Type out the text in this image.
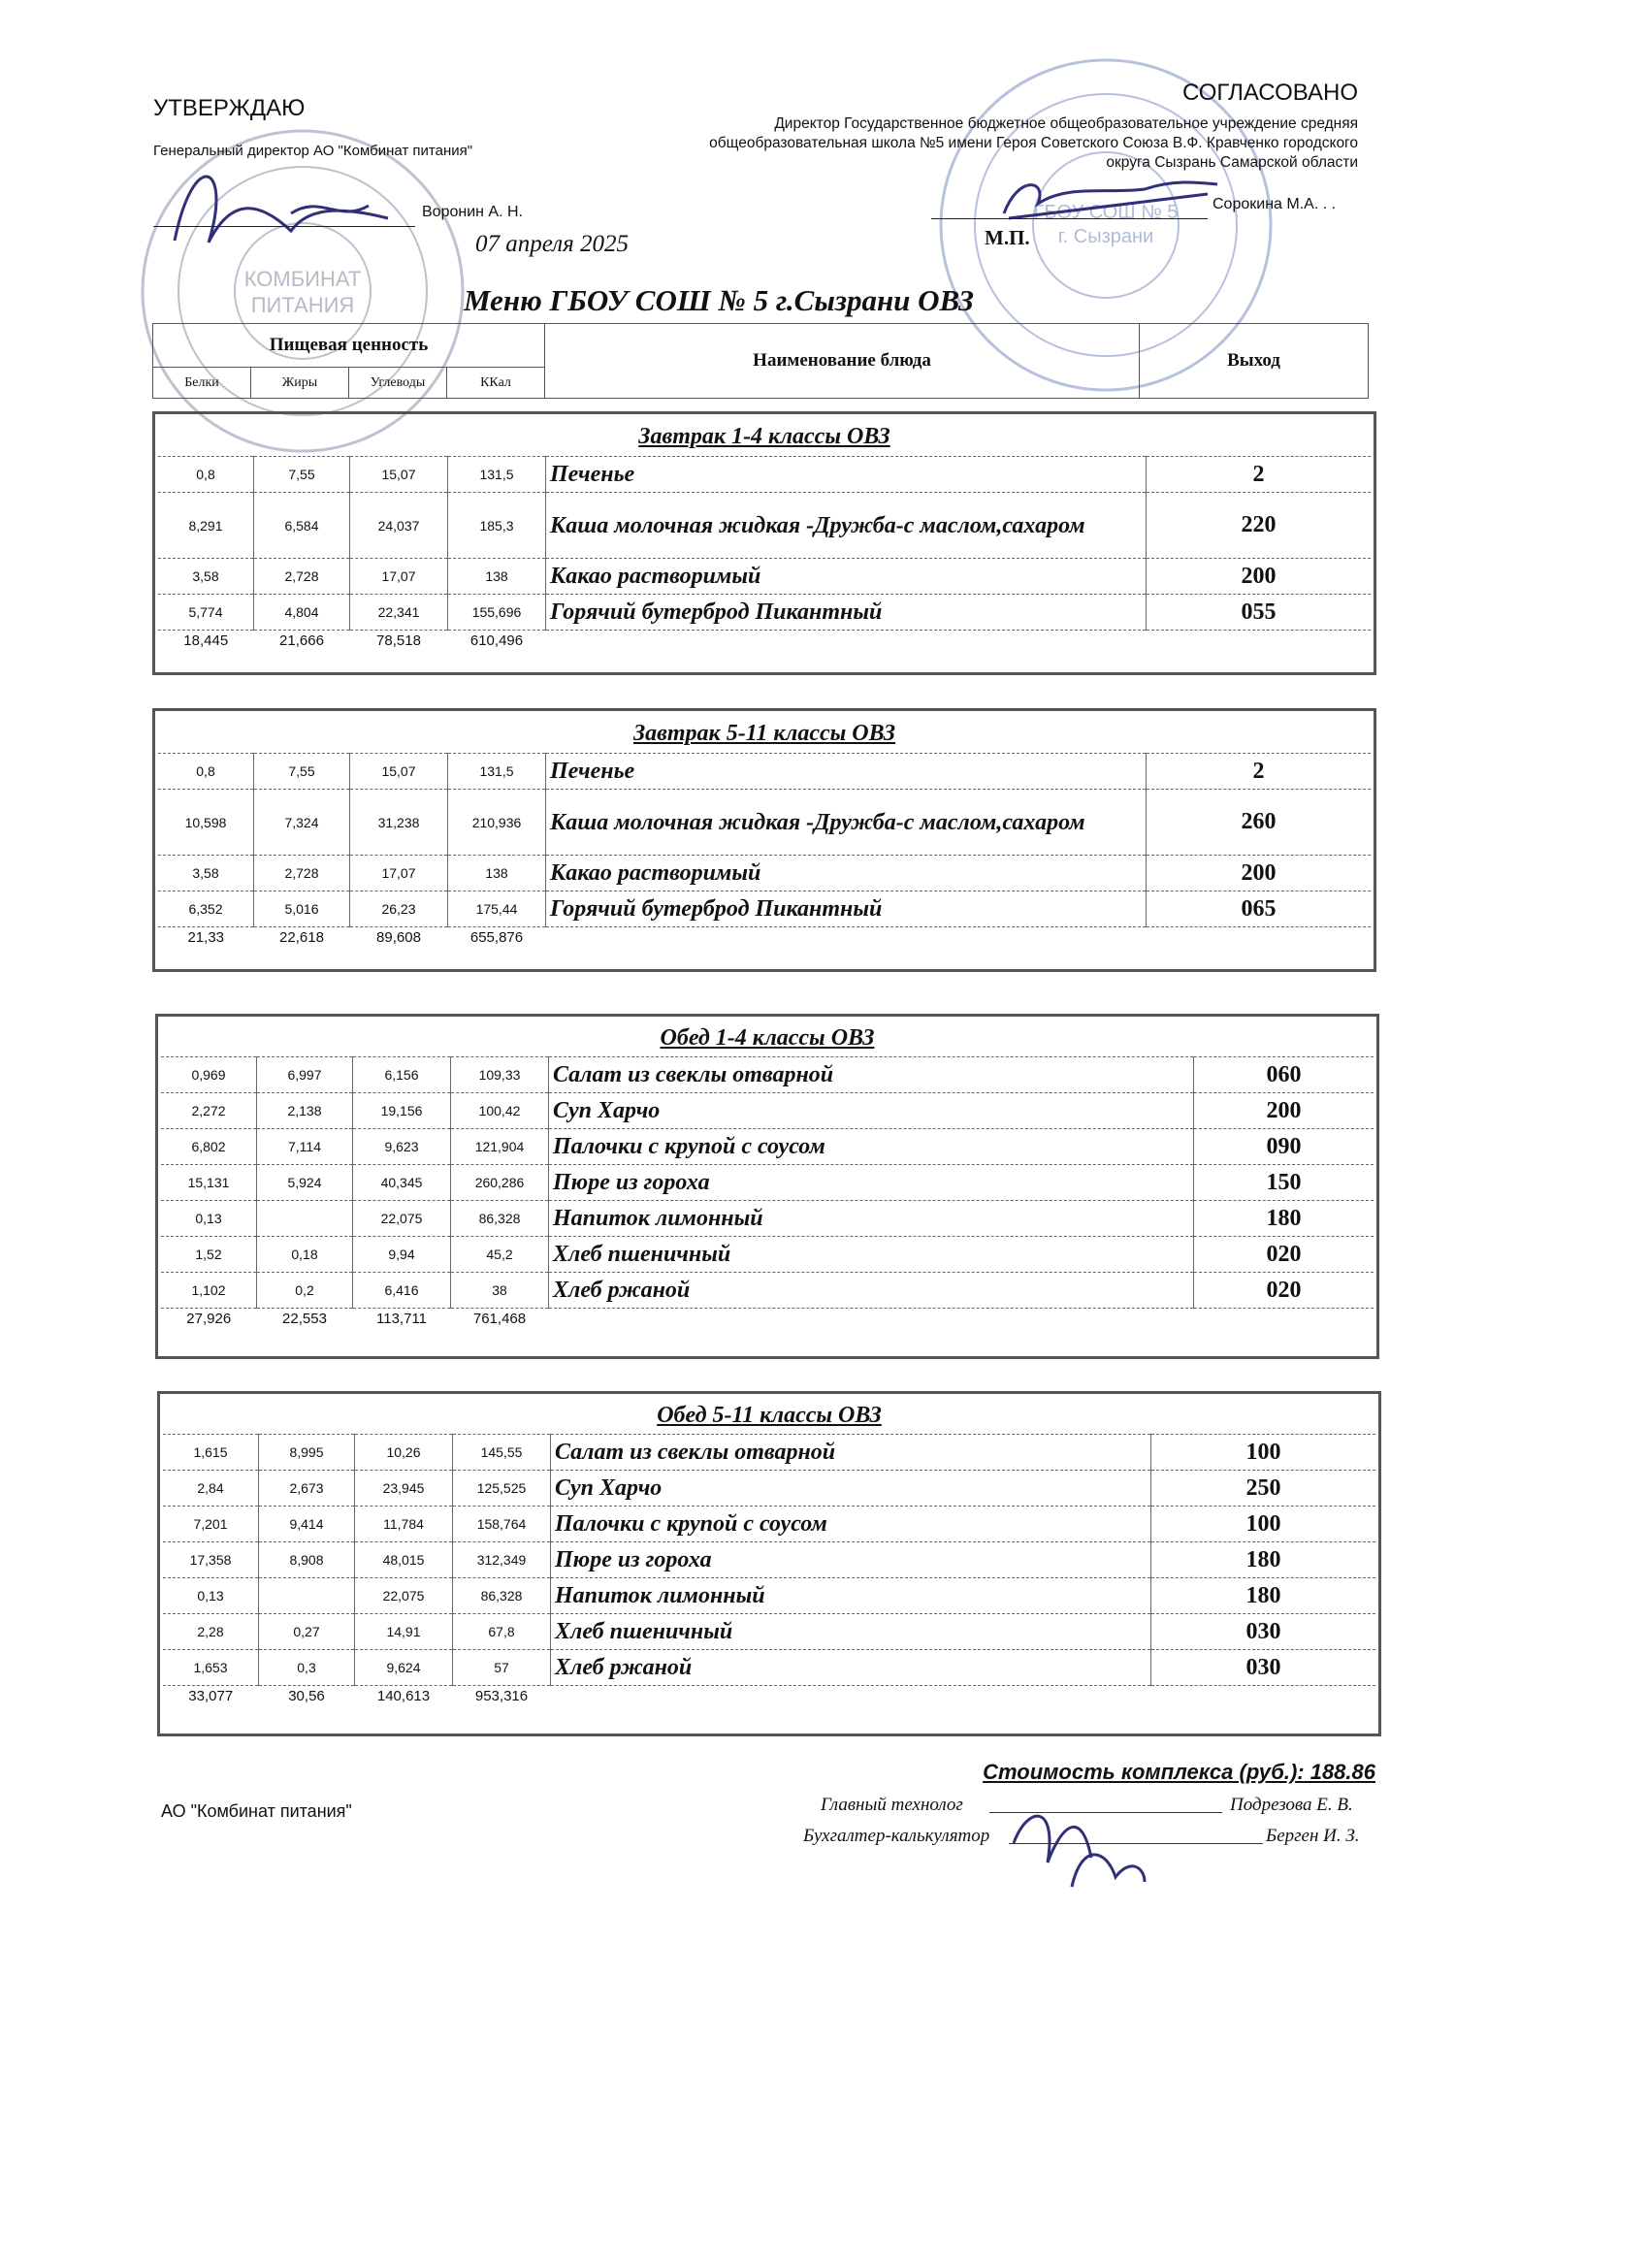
КОМБИНАТ
ПИТАНИЯ
ГБОУ СОШ № 5
г. Сызрани
УТВЕРЖДАЮ
Генеральный директор АО "Комбинат питания"
Воронин А. Н.
07 апреля 2025
СОГЛАСОВАНО
Директор Государственное бюджетное общеобразовательное учреждение средняя общеобразовательная школа №5 имени Героя Советского Союза В.Ф. Кравченко городского округа Сызрань Самарской области
Сорокина М.А. . .
М.П.
Меню ГБОУ СОШ № 5 г.Сызрани ОВЗ
Пищевая ценность				Наименование блюда	Выход
Белки	Жиры	Углеводы	ККал		
Завтрак 1-4 классы ОВЗ					
0,8	7,55	15,07	131,5	Печенье	2
8,291	6,584	24,037	185,3	Каша молочная жидкая -Дружба-с маслом,сахаром	220
3,58	2,728	17,07	138	Какао растворимый	200
5,774	4,804	22,341	155,696	Горячий бутерброд Пикантный	055
18,445	21,666	78,518	610,496		
Завтрак 5-11 классы ОВЗ					
0,8	7,55	15,07	131,5	Печенье	2
10,598	7,324	31,238	210,936	Каша молочная жидкая -Дружба-с маслом,сахаром	260
3,58	2,728	17,07	138	Какао растворимый	200
6,352	5,016	26,23	175,44	Горячий бутерброд Пикантный	065
21,33	22,618	89,608	655,876		
Обед 1-4 классы ОВЗ					
0,969	6,997	6,156	109,33	Салат из свеклы отварной	060
2,272	2,138	19,156	100,42	Суп Харчо	200
6,802	7,114	9,623	121,904	Палочки с крупой с соусом	090
15,131	5,924	40,345	260,286	Пюре из гороха	150
0,13		22,075	86,328	Напиток лимонный	180
1,52	0,18	9,94	45,2	Хлеб пшеничный	020
1,102	0,2	6,416	38	Хлеб ржаной	020
27,926	22,553	113,711	761,468		
Обед 5-11 классы ОВЗ					
1,615	8,995	10,26	145,55	Салат из свеклы отварной	100
2,84	2,673	23,945	125,525	Суп Харчо	250
7,201	9,414	11,784	158,764	Палочки с крупой с соусом	100
17,358	8,908	48,015	312,349	Пюре из гороха	180
0,13		22,075	86,328	Напиток лимонный	180
2,28	0,27	14,91	67,8	Хлеб пшеничный	030
1,653	0,3	9,624	57	Хлеб ржаной	030
33,077	30,56	140,613	953,316		
Стоимость комплекса (руб.): 188.86
АО "Комбинат питания"	Главный технолог	Подрезова Е. В.
Бухгалтер-калькулятор	Берген И. З.
